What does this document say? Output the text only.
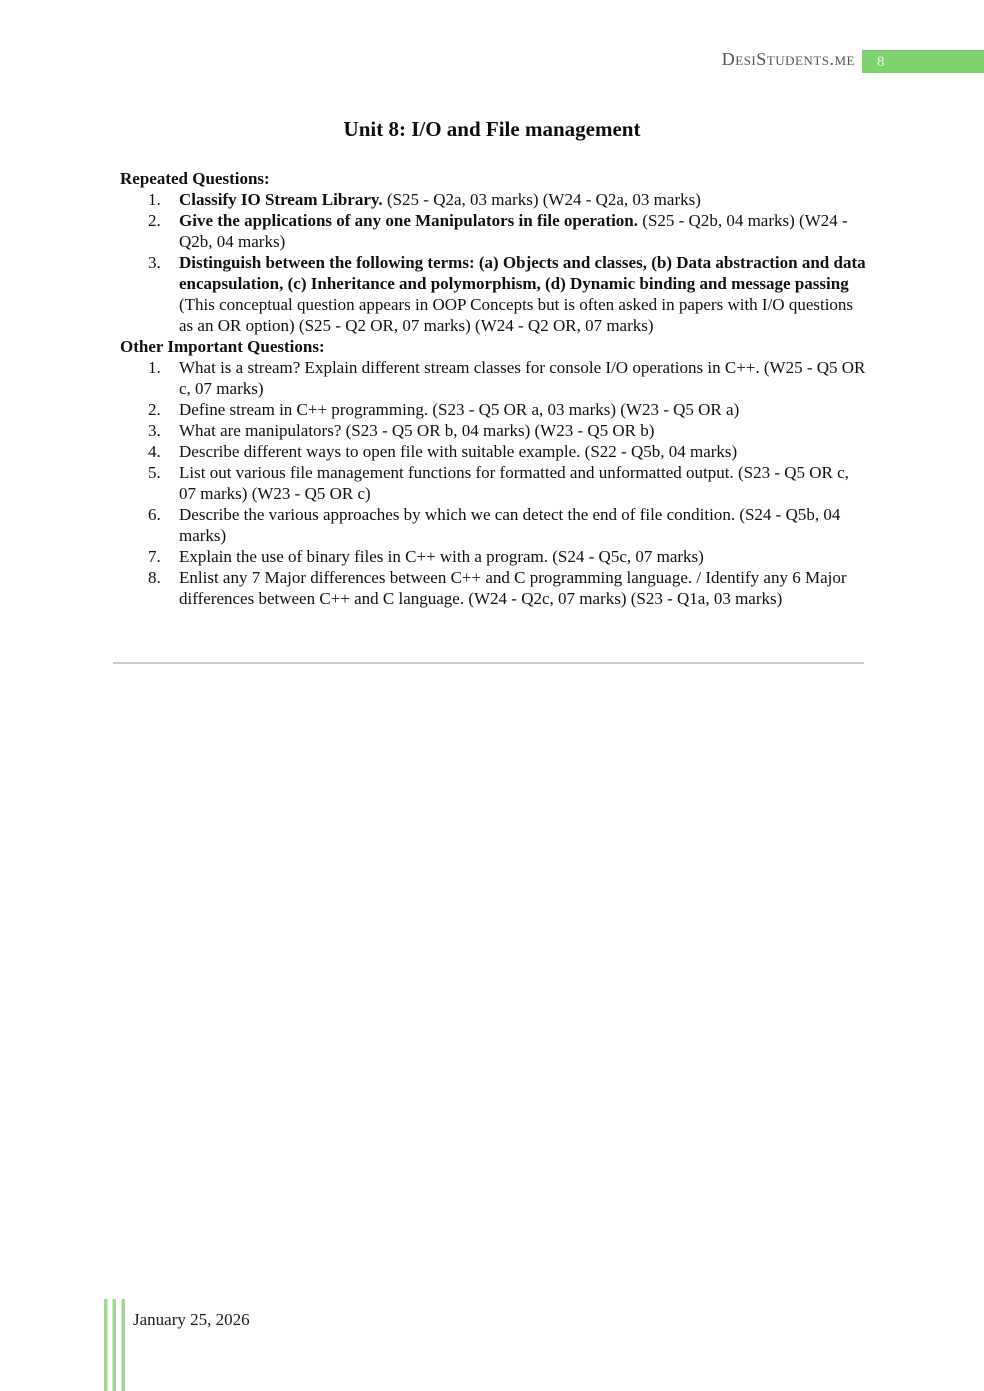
DesiStudents.me	8
Unit 8: I/O and File management
Repeated Questions:
1. Classify IO Stream Library. (S25 - Q2a, 03 marks) (W24 - Q2a, 03 marks)
2. Give the applications of any one Manipulators in file operation. (S25 - Q2b, 04 marks) (W24 - Q2b, 04 marks)
3. Distinguish between the following terms: (a) Objects and classes, (b) Data abstraction and data encapsulation, (c) Inheritance and polymorphism, (d) Dynamic binding and message passing (This conceptual question appears in OOP Concepts but is often asked in papers with I/O questions as an OR option) (S25 - Q2 OR, 07 marks) (W24 - Q2 OR, 07 marks)
Other Important Questions:
1. What is a stream? Explain different stream classes for console I/O operations in C++. (W25 - Q5 OR c, 07 marks)
2. Define stream in C++ programming. (S23 - Q5 OR a, 03 marks) (W23 - Q5 OR a)
3. What are manipulators? (S23 - Q5 OR b, 04 marks) (W23 - Q5 OR b)
4. Describe different ways to open file with suitable example. (S22 - Q5b, 04 marks)
5. List out various file management functions for formatted and unformatted output. (S23 - Q5 OR c, 07 marks) (W23 - Q5 OR c)
6. Describe the various approaches by which we can detect the end of file condition. (S24 - Q5b, 04 marks)
7. Explain the use of binary files in C++ with a program. (S24 - Q5c, 07 marks)
8. Enlist any 7 Major differences between C++ and C programming language. / Identify any 6 Major differences between C++ and C language. (W24 - Q2c, 07 marks) (S23 - Q1a, 03 marks)
January 25, 2026
